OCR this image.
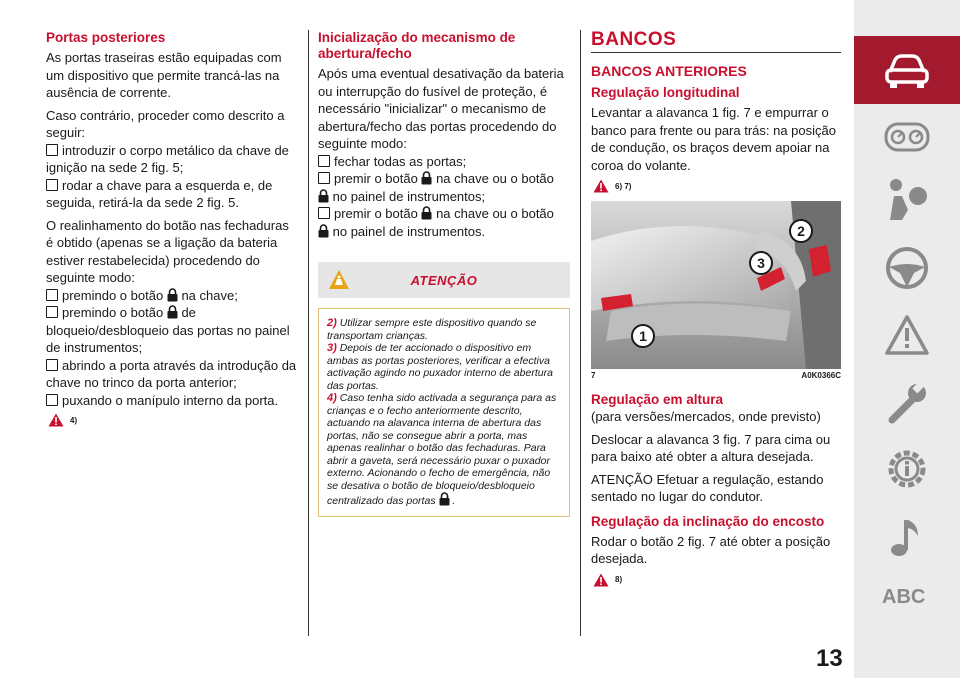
Portas posteriores

As portas traseiras estão equipadas com um dispositivo que permite trancá-las na ausência de corrente.

Caso contrário, proceder como descrito a seguir:

introduzir o corpo metálico da chave de ignição na sede 2 fig. 5;

rodar a chave para a esquerda e, de seguida, retirá-la da sede 2 fig. 5.

O realinhamento do botão nas fechaduras é obtido (apenas se a ligação da bateria estiver restabelecida) procedendo do seguinte modo:

premindo o botão na chave;

premindo o botão de bloqueio/desbloqueio das portas no painel de instrumentos;

abrindo a porta através da introdução da chave no trinco da porta anterior;

puxando o manípulo interno da porta.

4)
Inicialização do mecanismo de abertura/fecho

Após uma eventual desativação da bateria ou interrupção do fusível de proteção, é necessário "inicializar" o mecanismo de abertura/fecho das portas procedendo do seguinte modo:

fechar todas as portas;

premir o botão na chave ou o botão
no painel de instrumentos;

premir o botão na chave ou o botão
no painel de instrumentos.

ATENÇÃO

2) Utilizar sempre este dispositivo quando se transportam crianças.

3) Depois de ter accionado o dispositivo em ambas as portas posteriores, verificar a efectiva activação agindo no puxador interno de abertura das portas.

4) Caso tenha sido activada a segurança para as crianças e o fecho anteriormente descrito, actuando na alavanca interna de abertura das portas, não se consegue abrir a porta, mas apenas realinhar o botão das fechaduras. Para abrir a gaveta, será necessário puxar o puxador externo. Acionando o fecho de emergência, não se desativa o botão de bloqueio/desbloqueio centralizado das portas .

BANCOS
BANCOS ANTERIORES
Regulação longitudinal

Levantar a alavanca 1 fig. 7 e empurrar o banco para frente ou para trás: na posição de condução, os braços devem apoiar na coroa do volante.

6) 7)
1
2
3
7	A0K0366C
Regulação em altura

(para versões/mercados, onde previsto)

Deslocar a alavanca 3 fig. 7 para cima ou para baixo até obter a altura desejada.

ATENÇÃO Efetuar a regulação, estando sentado no lugar do condutor.

Regulação da inclinação do encosto

Rodar o botão 2 fig. 7 até obter a posição desejada.

8)
ABC
13
